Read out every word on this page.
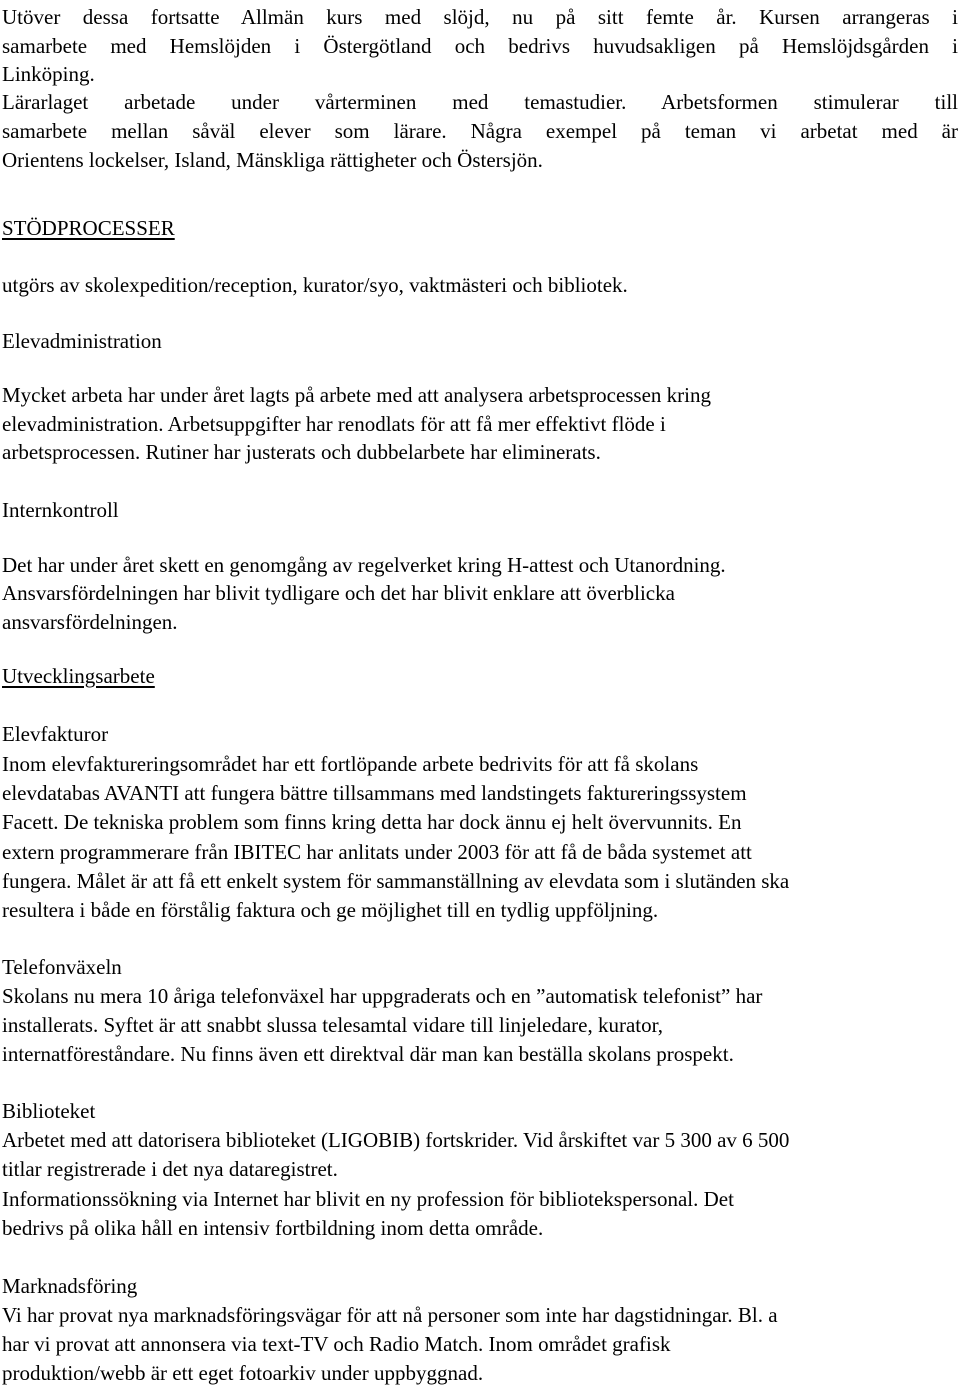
Utöver dessa fortsatte Allmän kurs med slöjd, nu på sitt femte år. Kursen arrangeras i
samarbete med Hemslöjden i Östergötland och bedrivs huvudsakligen på Hemslöjdsgården i
Linköping.
Lärarlaget arbetade under vårterminen med temastudier. Arbetsformen stimulerar till
samarbete mellan såväl elever som lärare. Några exempel på teman vi arbetat med är
Orientens lockelser, Island, Mänskliga rättigheter och Östersjön.
STÖDPROCESSER
utgörs av skolexpedition/reception, kurator/syo, vaktmästeri och bibliotek.
Elevadministration
Mycket arbeta har under året lagts på arbete med att analysera arbetsprocessen kring
elevadministration. Arbetsuppgifter har renodlats för att få mer effektivt flöde i
arbetsprocessen. Rutiner har justerats och dubbelarbete har eliminerats.
Internkontroll
Det har under året skett en genomgång av regelverket kring H-attest och Utanordning.
Ansvarsfördelningen har blivit tydligare och det har blivit enklare att överblicka
ansvarsfördelningen.
Utvecklingsarbete
Elevfakturor
Inom elevfaktureringsområdet har ett fortlöpande arbete bedrivits för att få skolans
elevdatabas AVANTI att fungera bättre tillsammans med landstingets faktureringssystem
Facett. De tekniska problem som finns kring detta har dock ännu ej helt övervunnits. En
extern programmerare från IBITEC har anlitats under 2003 för att få de båda systemet att
fungera. Målet är att få ett enkelt system för sammanställning av elevdata som i slutänden ska
resultera i både en förstålig faktura och ge möjlighet till en tydlig uppföljning.
Telefonväxeln
Skolans nu mera 10 åriga telefonväxel har uppgraderats och en ”automatisk telefonist” har
installerats. Syftet är att snabbt slussa telesamtal vidare till linjeledare, kurator,
internatföreståndare. Nu finns även ett direktval där man kan beställa skolans prospekt.
Biblioteket
Arbetet med att datorisera biblioteket (LIGOBIB) fortskrider. Vid årskiftet var 5 300 av 6 500
titlar registrerade i det nya dataregistret.
Informationssökning via Internet har blivit en ny profession för bibliotekspersonal. Det
bedrivs på olika håll en intensiv fortbildning inom detta område.
Marknadsföring
Vi har provat nya marknadsföringsvägar för att nå personer som inte har dagstidningar. Bl. a
har vi provat att annonsera via text-TV och Radio Match. Inom området grafisk
produktion/webb är ett eget fotoarkiv under uppbyggnad.
